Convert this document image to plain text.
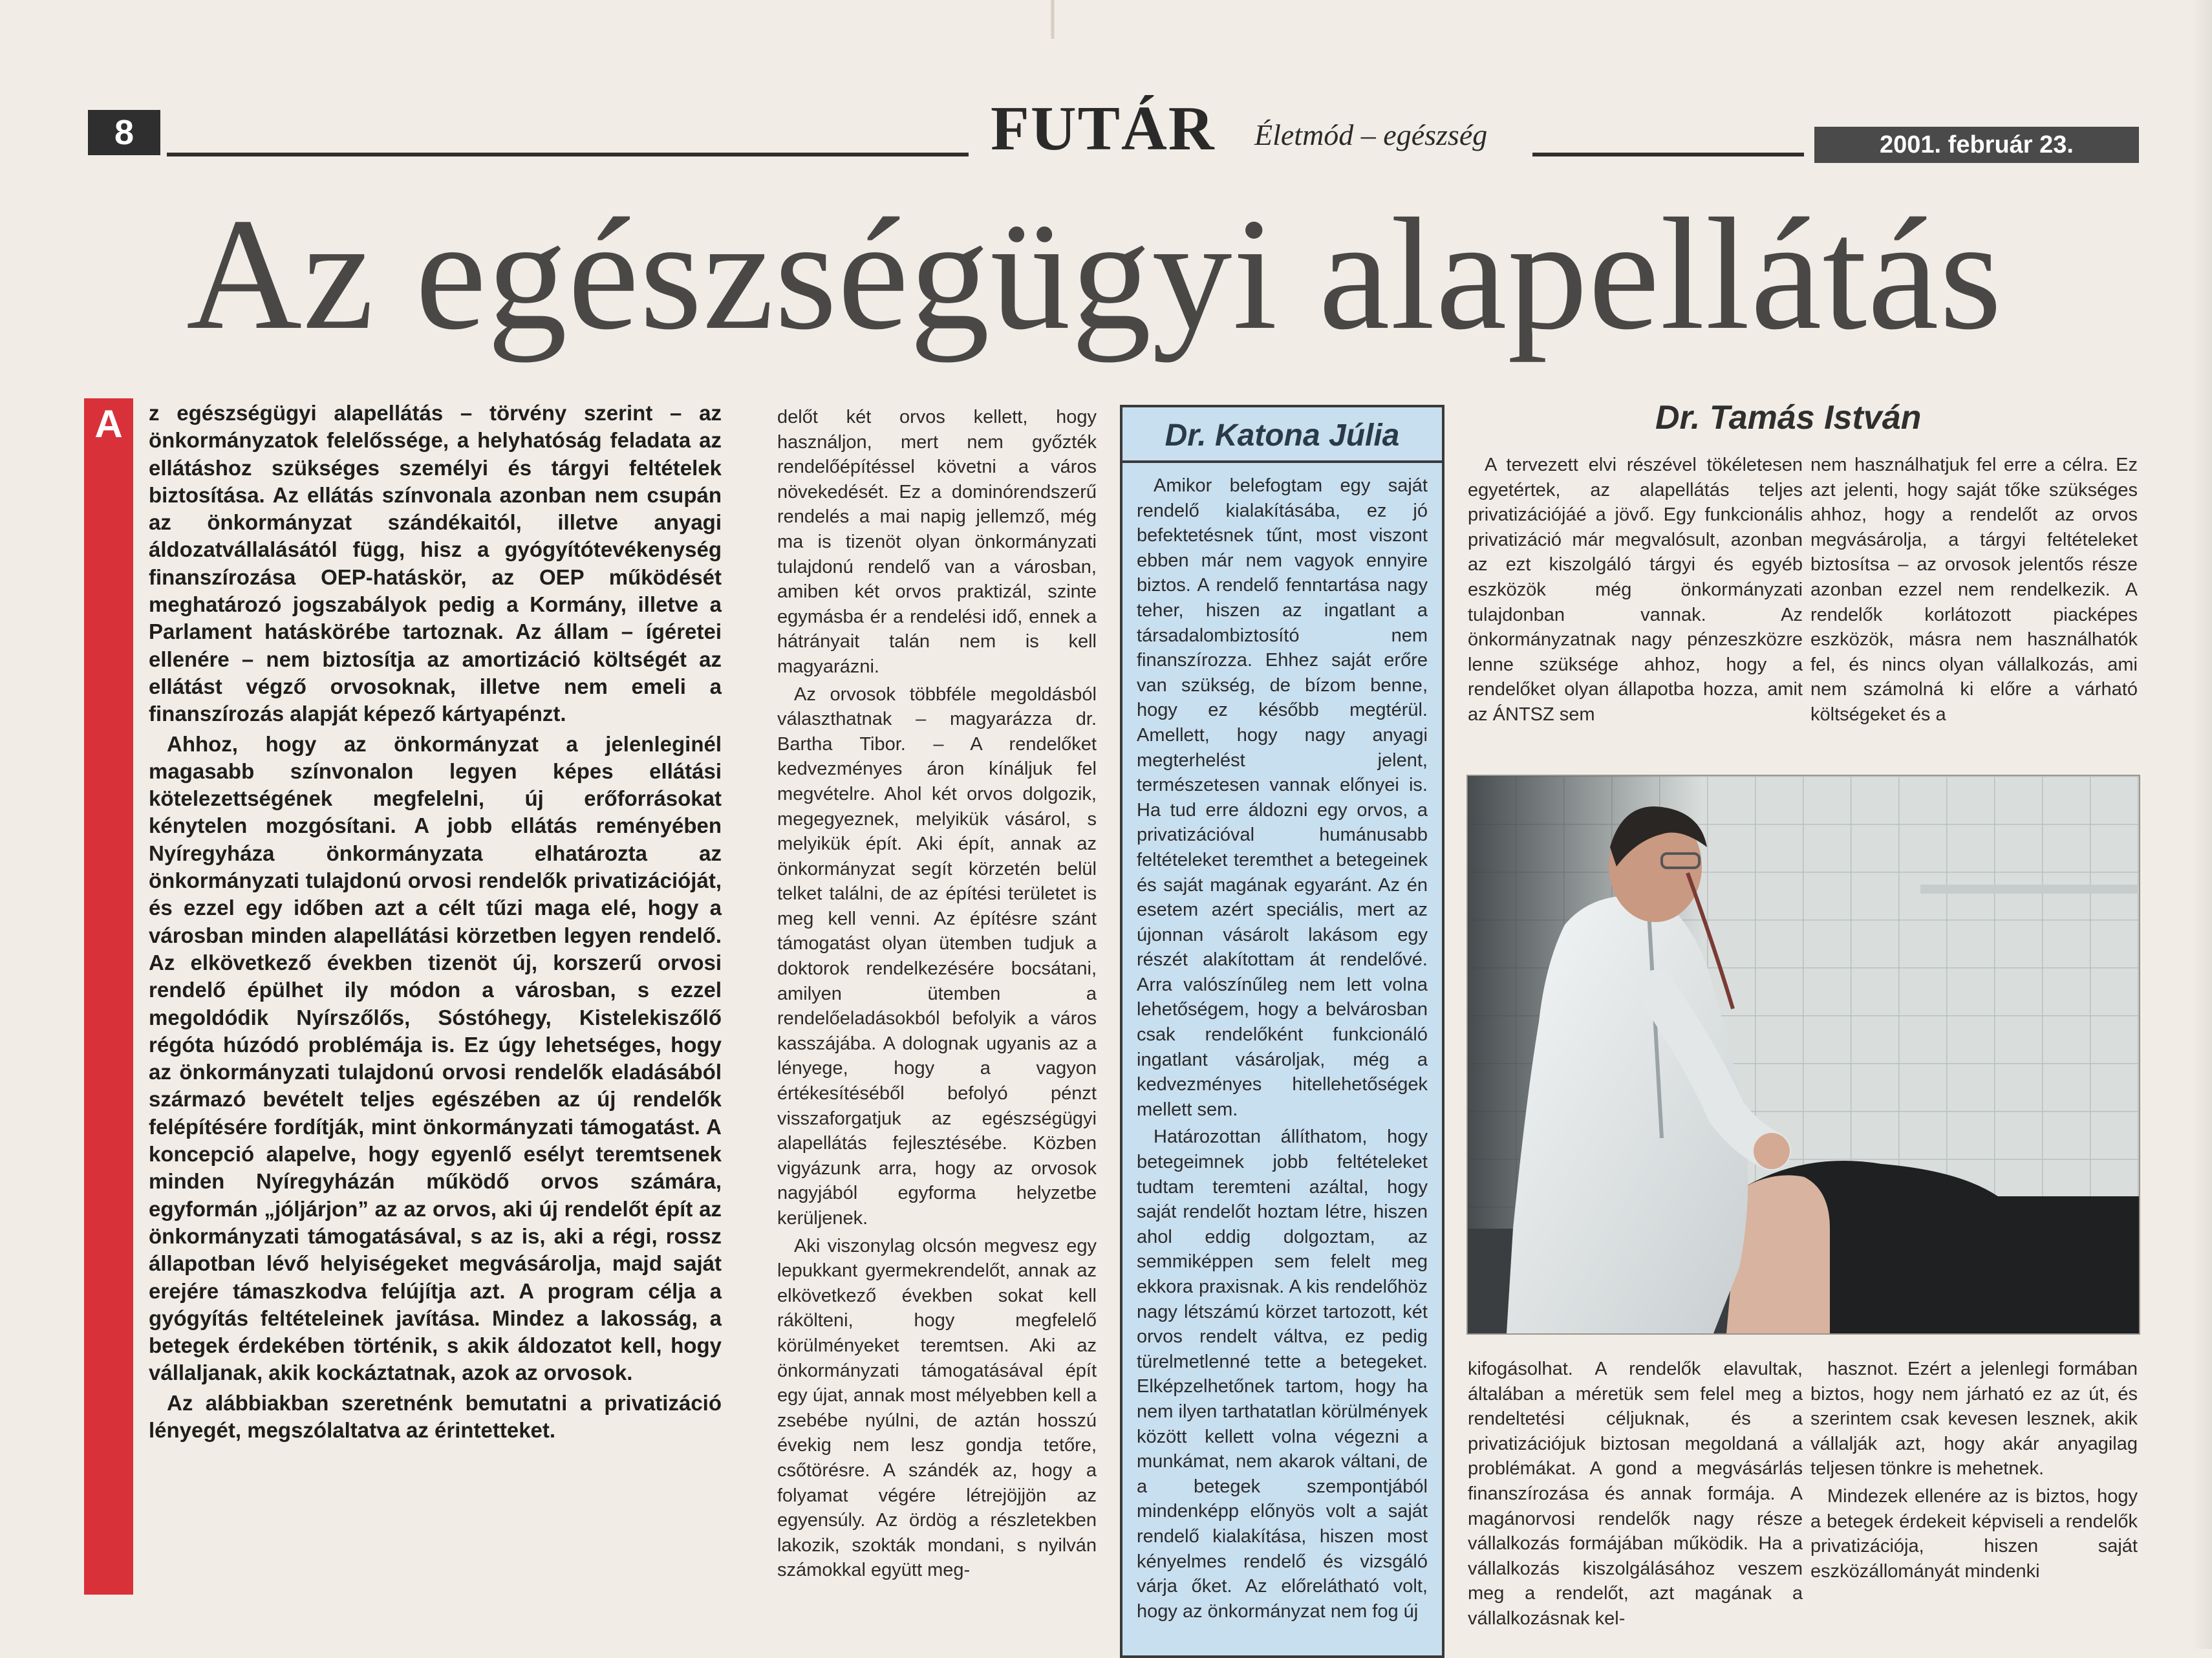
8	FUTÁR Életmód – egészség	2001. február 23.
Az egészségügyi alapellátás
A	z egészségügyi alapellátás – törvény szerint – az önkormányzatok felelőssége, a helyhatóság feladata az ellátáshoz szükséges személyi és tárgyi feltételek biztosítása. Az ellátás színvonala azonban nem csupán az önkormányzat szándékaitól, illetve anyagi áldozatvállalásától függ, hisz a gyógyítótevékenység finanszírozása OEP-hatáskör, az OEP működését meghatározó jogszabályok pedig a Kormány, illetve a Parlament hatáskörébe tartoznak. Az állam – ígéretei ellenére – nem biztosítja az amortizáció költségét az ellátást végző orvosoknak, illetve nem emeli a finanszírozás alapját képező kártyapénzt.

Ahhoz, hogy az önkormányzat a jelenleginél magasabb színvonalon legyen képes ellátási kötelezettségének megfelelni, új erőforrásokat kénytelen mozgósítani. A jobb ellátás reményében Nyíregyháza önkormányzata elhatározta az önkormányzati tulajdonú orvosi rendelők privatizációját, és ezzel egy időben azt a célt tűzi maga elé, hogy a városban minden alapellátási körzetben legyen rendelő. Az elkövetkező években tizenöt új, korszerű orvosi rendelő épülhet ily módon a városban, s ezzel megoldódik Nyírszőlős, Sóstóhegy, Kistelekiszőlő régóta húzódó problémája is. Ez úgy lehetséges, hogy az önkormányzati tulajdonú orvosi rendelők eladásából származó bevételt teljes egészében az új rendelők felépítésére fordítják, mint önkormányzati támogatást. A koncepció alapelve, hogy egyenlő esélyt teremtsenek minden Nyíregyházán működő orvos számára, egyformán „jóljárjon” az az orvos, aki új rendelőt épít az önkormányzati támogatásával, s az is, aki a régi, rossz állapotban lévő helyiségeket megvásárolja, majd saját erejére támaszkodva felújítja azt. A program célja a gyógyítás feltételeinek javítása. Mindez a lakosság, a betegek érdekében történik, s akik áldozatot kell, hogy vállaljanak, akik kockáztatnak, azok az orvosok.

Az alábbiakban szeretnénk bemutatni a privatizáció lényegét, megszólaltatva az érintetteket.

delőt két orvos kellett, hogy használjon, mert nem győzték rendelőépítéssel követni a város növekedését. Ez a dominórendszerű rendelés a mai napig jellemző, még ma is tizenöt olyan önkormányzati tulajdonú rendelő van a városban, amiben két orvos praktizál, szinte egymásba ér a rendelési idő, ennek a hátrányait talán nem is kell magyarázni.

Az orvosok többféle megoldásból választhatnak – magyarázza dr. Bartha Tibor. – A rendelőket kedvezményes áron kínáljuk fel megvételre. Ahol két orvos dolgozik, megegyeznek, melyikük vásárol, s melyikük épít. Aki épít, annak az önkormányzat segít körzetén belül telket találni, de az építési területet is meg kell venni. Az építésre szánt támogatást olyan ütemben tudjuk a doktorok rendelkezésére bocsátani, amilyen ütemben a rendelőeladásokból befolyik a város kasszájába. A dolognak ugyanis az a lényege, hogy a vagyon értékesítéséből befolyó pénzt visszaforgatjuk az egészségügyi alapellátás fejlesztésébe. Közben vigyázunk arra, hogy az orvosok nagyjából egyforma helyzetbe kerüljenek.

Aki viszonylag olcsón megvesz egy lepukkant gyermekrendelőt, annak az elkövetkező években sokat kell rákölteni, hogy megfelelő körülményeket teremtsen. Aki az önkormányzati támogatásával épít egy újat, annak most mélyebben kell a zsebébe nyúlni, de aztán hosszú évekig nem lesz gondja tetőre, csőtörésre. A szándék az, hogy a folyamat végére létrejöjjön az egyensúly. Az ördög a részletekben lakozik, szokták mondani, s nyilván számokkal együtt meg-

Dr. Katona Júlia

Amikor belefogtam egy saját rendelő kialakításába, ez jó befektetésnek tűnt, most viszont ebben már nem vagyok ennyire biztos. A rendelő fenntartása nagy teher, hiszen az ingatlant a társadalombiztosító nem finanszírozza. Ehhez saját erőre van szükség, de bízom benne, hogy ez később megtérül. Amellett, hogy nagy anyagi megterhelést jelent, természetesen vannak előnyei is. Ha tud erre áldozni egy orvos, a privatizációval humánusabb feltételeket teremthet a betegeinek és saját magának egyaránt. Az én esetem azért speciális, mert az újonnan vásárolt lakásom egy részét alakítottam át rendelővé. Arra valószínűleg nem lett volna lehetőségem, hogy a belvárosban csak rendelőként funkcionáló ingatlant vásároljak, még a kedvezményes hitellehetőségek mellett sem.

Határozottan állíthatom, hogy betegeimnek jobb feltételeket tudtam teremteni azáltal, hogy saját rendelőt hoztam létre, hiszen ahol eddig dolgoztam, az semmiképpen sem felelt meg ekkora praxisnak. A kis rendelőhöz nagy létszámú körzet tartozott, két orvos rendelt váltva, ez pedig türelmetlenné tette a betegeket. Elképzelhetőnek tartom, hogy ha nem ilyen tarthatatlan körülmények között kellett volna végezni a munkámat, nem akarok váltani, de a betegek szempontjából mindenképp előnyös volt a saját rendelő kialakítása, hiszen most kényelmes rendelő és vizsgáló várja őket. Az előrelátható volt, hogy az önkormányzat nem fog új

Dr. Tamás István

A tervezett elvi részével tökéletesen egyetértek, az alapellátás teljes privatizációjáé a jövő. Egy funkcionális privatizáció már megvalósult, azonban az ezt kiszolgáló tárgyi és egyéb eszközök még önkormányzati tulajdonban vannak. Az önkormányzatnak nagy pénzeszközre lenne szüksége ahhoz, hogy a rendelőket olyan állapotba hozza, amit az ÁNTSZ sem

nem használhatjuk fel erre a célra. Ez azt jelenti, hogy saját tőke szükséges ahhoz, hogy a rendelőt az orvos megvásárolja, a tárgyi feltételeket biztosítsa – az orvosok jelentős része azonban ezzel nem rendelkezik. A rendelők korlátozott piacképes eszközök, másra nem használhatók fel, és nincs olyan vállalkozás, ami nem számolná ki előre a várható költségeket és a

kifogásolhat. A rendelők elavultak, általában a méretük sem felel meg a rendeltetési céljuknak, és a privatizációjuk biztosan megoldaná a problémákat. A gond a megvásárlás finanszírozása és annak formája. A magánorvosi rendelők nagy része vállalkozás formájában működik. Ha a vállalkozás kiszolgálásához veszem meg a rendelőt, azt magának a vállalkozásnak kel-

hasznot. Ezért a jelenlegi formában biztos, hogy nem járható ez az út, és szerintem csak kevesen lesznek, akik vállalják azt, hogy akár anyagilag teljesen tönkre is mehetnek.

Mindezek ellenére az is biztos, hogy a betegek érdekeit képviseli a rendelők privatizációja, hiszen saját eszközállományát mindenki
